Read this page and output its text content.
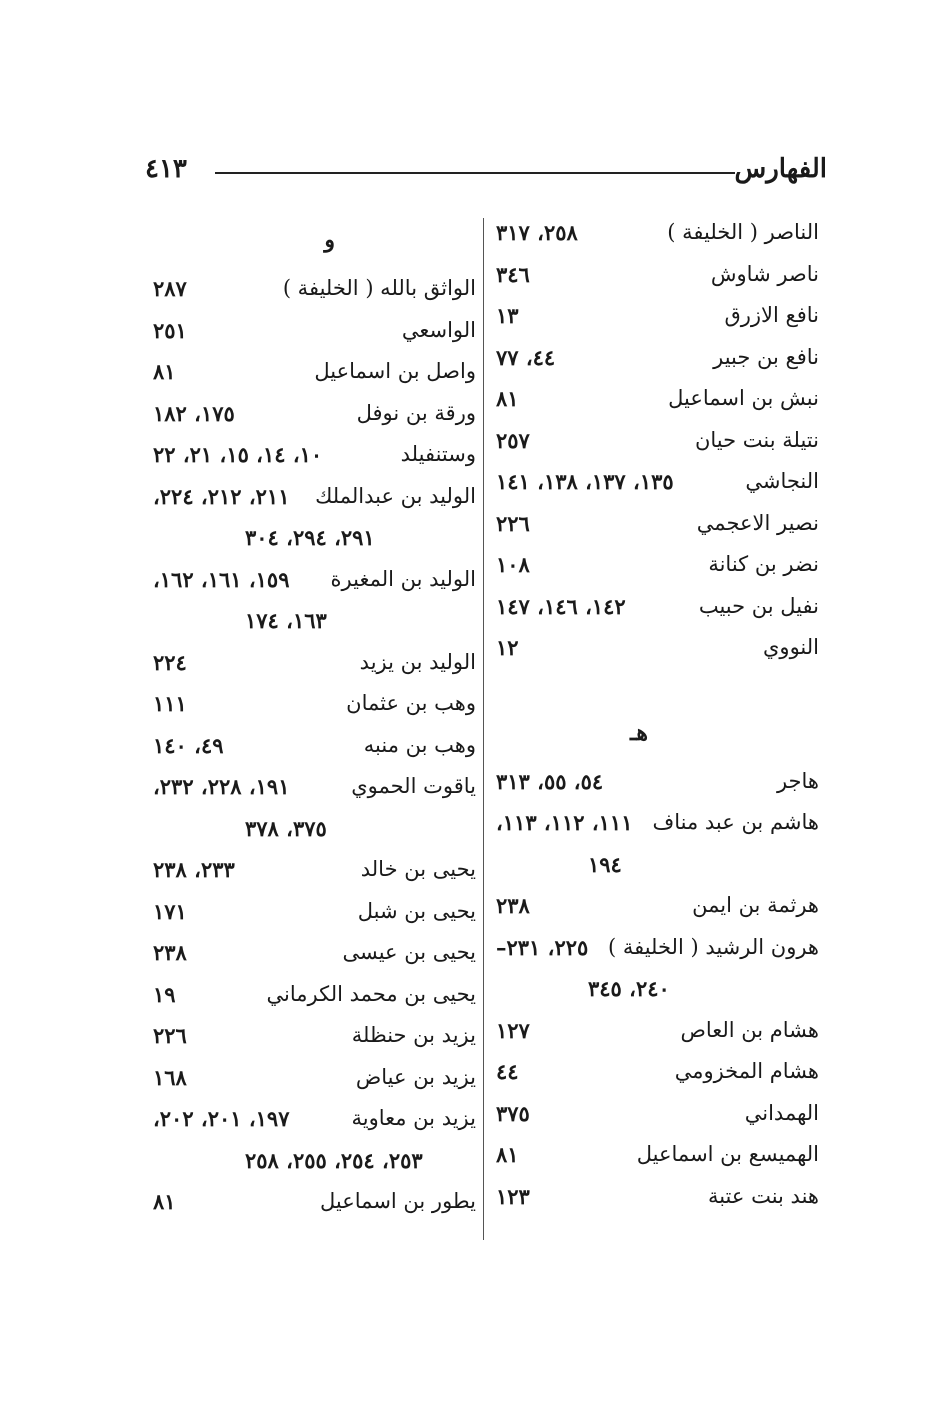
الفهارس
٤١٣
الناصر ( الخليفة )
٢٥٨، ٣١٧
ناصر شاوش
٣٤٦
نافع الازرق
١٣
نافع بن جبير
٤٤، ٧٧
نبش بن اسماعيل
٨١
نتيلة بنت حيان
٢٥٧
النجاشي
١٣٥، ١٣٧، ١٣٨، ١٤١
نصير الاعجمي
٢٢٦
نضر بن كنانة
١٠٨
نفيل بن حبيب
١٤٢، ١٤٦، ١٤٧
النووي
١٢
هـ
هاجر
٥٤، ٥٥، ٣١٣
هاشم بن عبد مناف
١١١، ١١٢، ١١٣،
١٩٤
هرثمة بن ايمن
٢٣٨
هرون الرشيد ( الخليفة )
٢٢٥، ٢٣١–
٢٤٠، ٣٤٥
هشام بن العاص
١٢٧
هشام المخزومي
٤٤
الهمداني
٣٧٥
الهميسع بن اسماعيل
٨١
هند بنت عتبة
١٢٣
و
الواثق بالله ( الخليفة )
٢٨٧
الواسعي
٢٥١
واصل بن اسماعيل
٨١
ورقة بن نوفل
١٧٥، ١٨٢
وستنفيلد
١٠، ١٤، ١٥، ٢١، ٢٢
الوليد بن عبدالملك
٢١١، ٢١٢، ٢٢٤،
٢٩١، ٢٩٤، ٣٠٤
الوليد بن المغيرة
١٥٩، ١٦١، ١٦٢،
١٦٣، ١٧٤
الوليد بن يزيد
٢٢٤
وهب بن عثمان
١١١
وهب بن منبه
٤٩، ١٤٠
ياقوت الحموي
١٩١، ٢٢٨، ٢٣٢،
٣٧٥، ٣٧٨
يحيى بن خالد
٢٣٣، ٢٣٨
يحيى بن شبل
١٧١
يحيى بن عيسى
٢٣٨
يحيى بن محمد الكرماني
١٩
يزيد بن حنظلة
٢٢٦
يزيد بن عياض
١٦٨
يزيد بن معاوية
١٩٧، ٢٠١، ٢٠٢،
٢٥٣، ٢٥٤، ٢٥٥، ٢٥٨
يطور بن اسماعيل
٨١
